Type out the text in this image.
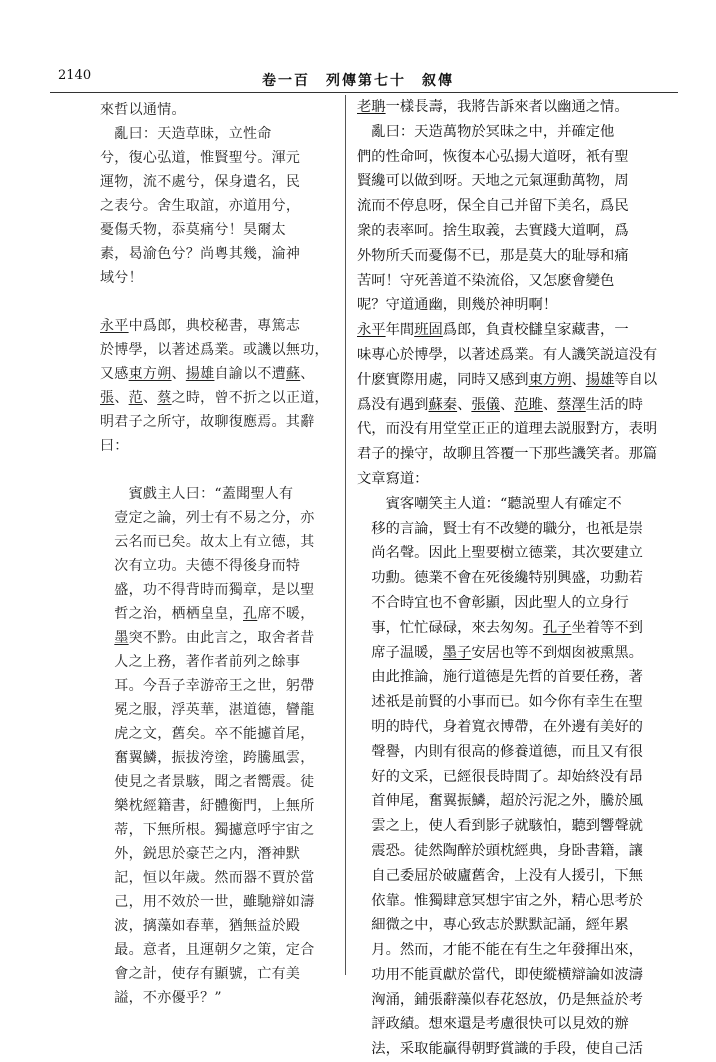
2140	卷一百　列傳第七十　叙傳
來哲以通情。
　亂曰：天造草昧，立性命
兮，復心弘道，惟賢聖兮。渾元
運物，流不處兮，保身遺名，民
之表兮。舍生取誼，亦道用兮，
憂傷夭物，忝莫痛兮！昊爾太
素，曷渝色兮？尚粵其幾，淪神
域兮！

永平中爲郎，典校秘書，專篤志
於博學，以著述爲業。或譏以無功，
又感東方朔、揚雄自諭以不遭蘇、
張、范、蔡之時，曾不折之以正道，
明君子之所守，故聊復應焉。其辭
曰：

　　賓戲主人曰：“蓋聞聖人有
　壹定之論，列士有不易之分，亦
　云名而已矣。故太上有立德，其
　次有立功。夫德不得後身而特
　盛，功不得背時而獨章，是以聖
　哲之治，栖栖皇皇，孔席不暖，
　墨突不黔。由此言之，取舍者昔
　人之上務，著作者前列之餘事
　耳。今吾子幸游帝王之世，躬帶
　冕之服，浮英華，湛道德，矕龍
　虎之文，舊矣。卒不能攄首尾，
　奮翼鱗，振拔洿塗，跨騰風雲，
　使見之者景駭，聞之者嚮震。徒
　樂枕經籍書，紆體衡門，上無所
　蒂，下無所根。獨攄意呼宇宙之
　外，鋭思於豪芒之内，潛神默
　記，恒以年歲。然而器不賈於當
　己，用不效於一世，雖馳辯如濤
　波，摛藻如春華，猶無益於殿
　最。意者，且運朝夕之策，定合
　會之計，使存有顯號，亡有美
　謚，不亦優乎？”
老聃一樣長壽，我將告訴來者以幽通之情。
　亂曰：天造萬物於冥昧之中，并確定他
們的性命呵，恢復本心弘揚大道呀，衹有聖
賢纔可以做到呀。天地之元氣運動萬物，周
流而不停息呀，保全自己并留下美名，爲民
衆的表率呵。捨生取義，去實踐大道啊，爲
外物所夭而憂傷不已，那是莫大的耻辱和痛
苦呵！守死善道不染流俗，又怎麽會變色
呢？守道通幽，則幾於神明啊！
永平年間班固爲郎，負責校讎皇家藏書，一
味專心於博學，以著述爲業。有人譏笑説這没有
什麽實際用處，同時又感到東方朔、揚雄等自以
爲没有遇到蘇秦、張儀、范雎、蔡澤生活的時
代，而没有用堂堂正正的道理去説服對方，表明
君子的操守，故聊且答覆一下那些譏笑者。那篇
文章寫道：
　　賓客嘲笑主人道：“聽説聖人有確定不
　移的言論，賢士有不改變的職分，也衹是崇
　尚名聲。因此上聖要樹立德業，其次要建立
　功勳。德業不會在死後纔特别興盛，功勳若
　不合時宜也不會彰顯，因此聖人的立身行
　事，忙忙碌碌，來去匆匆。孔子坐着等不到
　席子温暖，墨子安居也等不到烟囱被熏黑。
　由此推論，施行道德是先哲的首要任務，著
　述祇是前賢的小事而已。如今你有幸生在聖
　明的時代，身着寬衣博帶，在外邊有美好的
　聲譽，内則有很高的修養道德，而且又有很
　好的文采，已經很長時間了。却始終没有昂
　首伸尾，奮翼振鱗，超於污泥之外，騰於風
　雲之上，使人看到影子就駭怕，聽到響聲就
　震恐。徒然陶醉於頭枕經典，身卧書籍，讓
　自己委屈於破廬舊舍，上没有人援引，下無
　依靠。惟獨肆意冥想宇宙之外，精心思考於
　細微之中，專心致志於默默記誦，經年累
　月。然而，才能不能在有生之年發揮出來，
　功用不能貢獻於當代，即使縱横辯論如波濤
　洶涌，鋪張辭藻似春花怒放，仍是無益於考
　評政績。想來還是考慮很快可以見效的辦
　法，采取能贏得朝野賞識的手段，使自己活
